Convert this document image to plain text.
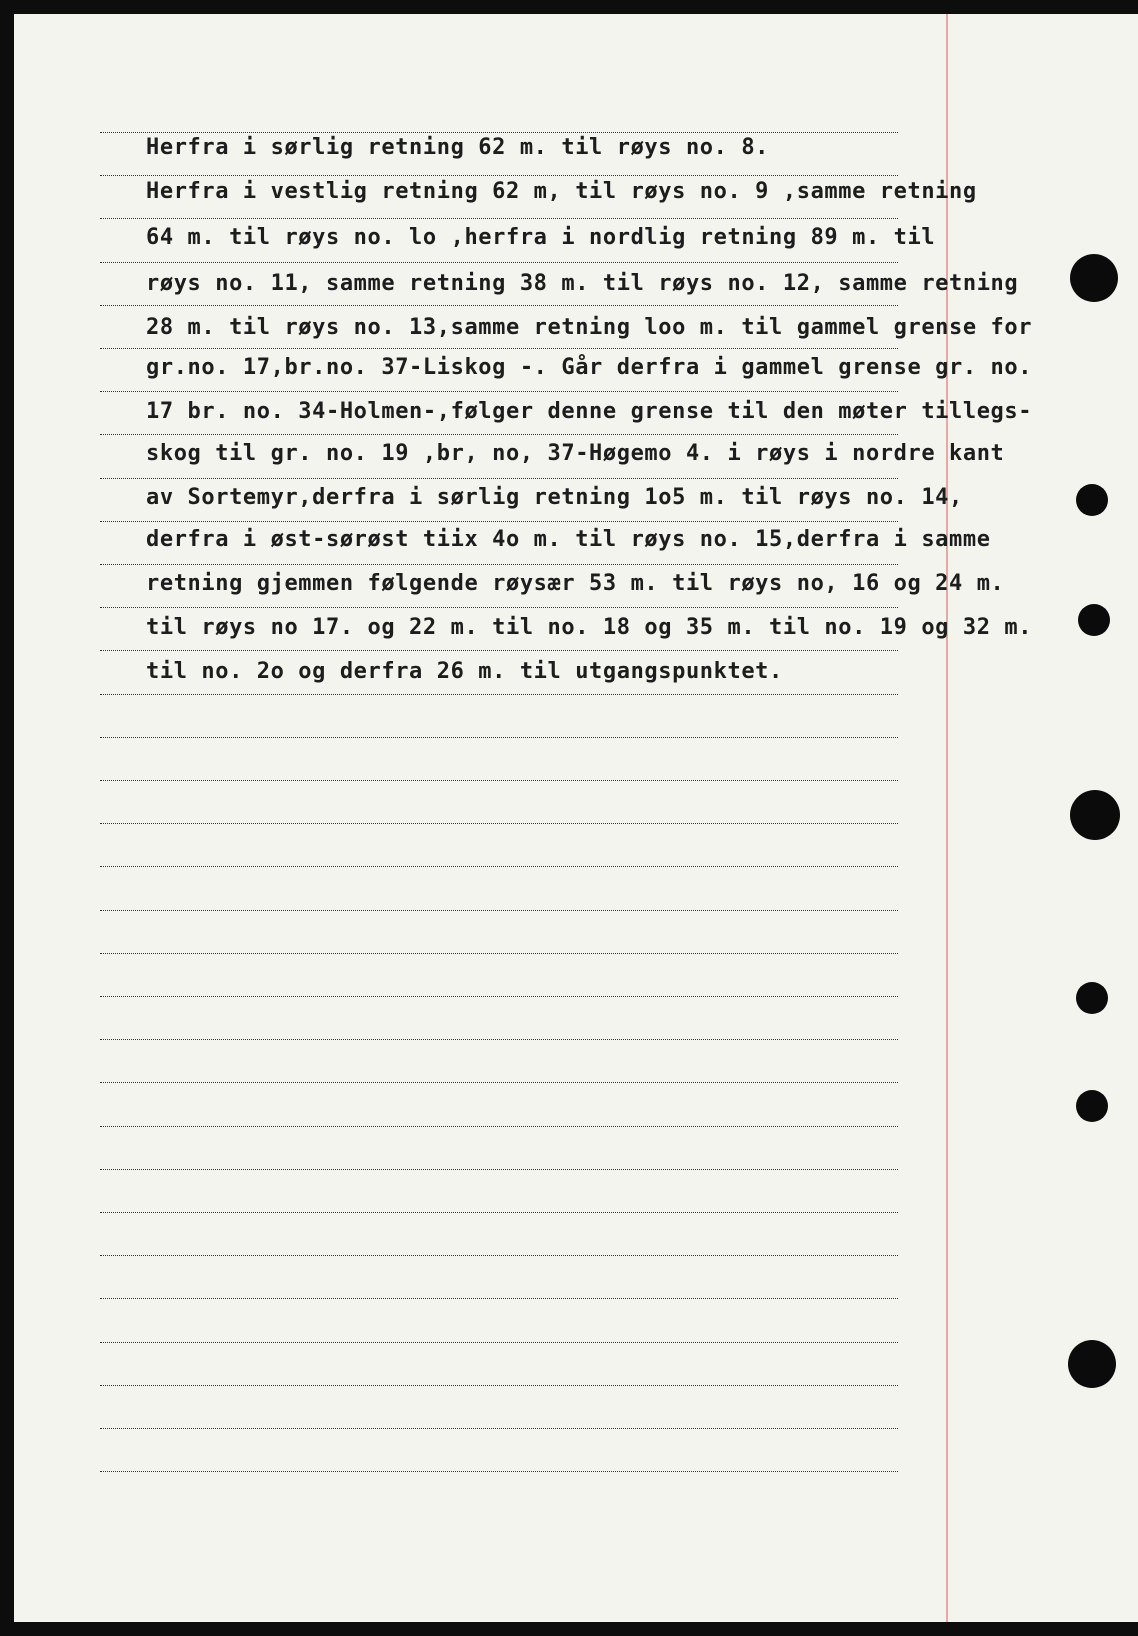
Herfra i sørlig retning 62 m. til røys no. 8.
Herfra i vestlig retning 62 m, til røys no. 9 ,samme retning
64 m. til røys no. lo ,herfra i nordlig retning 89 m. til
røys no. 11, samme retning 38 m. til røys no. 12, samme retning
28 m. til røys no. 13,samme retning loo m. til gammel grense for
gr.no. 17,br.no. 37-Liskog -. Går derfra i gammel grense gr. no.
17 br. no. 34-Holmen-,følger denne grense til den møter tillegs-
skog til gr. no. 19 ,br, no, 37-Høgemo 4. i røys i nordre kant
av Sortemyr,derfra i sørlig retning 1o5 m. til røys no. 14,
derfra i øst-sørøst tiix 4o m. til røys no. 15,derfra i samme
retning gjemmen følgende røysær 53 m. til røys no, 16 og 24 m.
til røys no 17. og 22 m. til no. 18 og 35 m. til no. 19 og 32 m.
til no. 2o og derfra 26 m. til utgangspunktet.
